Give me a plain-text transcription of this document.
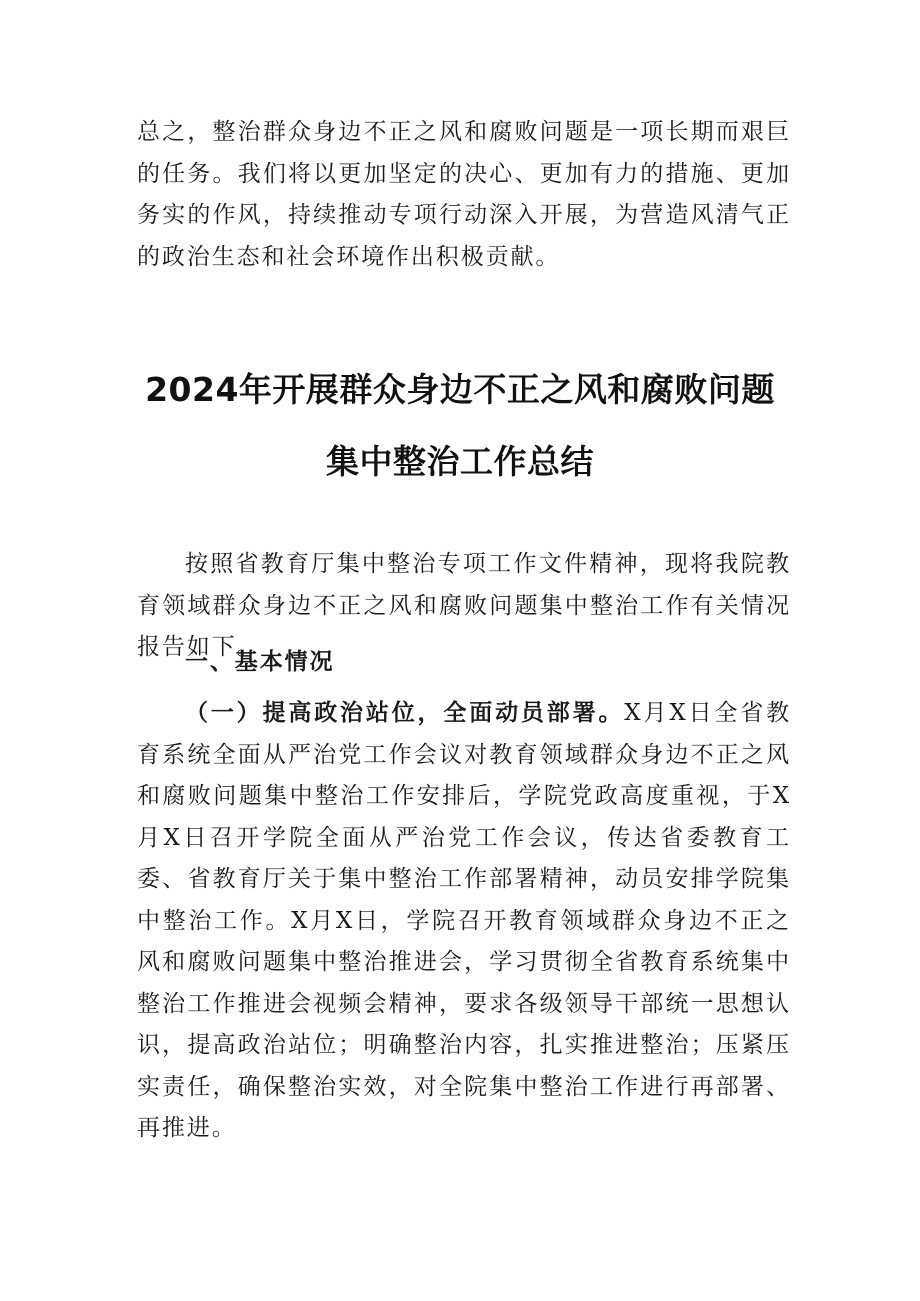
总之，整治群众身边不正之风和腐败问题是一项长期而艰巨的任务。我们将以更加坚定的决心、更加有力的措施、更加务实的作风，持续推动专项行动深入开展，为营造风清气正的政治生态和社会环境作出积极贡献。

2024年开展群众身边不正之风和腐败问题
集中整治工作总结

按照省教育厅集中整治专项工作文件精神，现将我院教育领域群众身边不正之风和腐败问题集中整治工作有关情况报告如下。

一、基本情况

（一）提高政治站位，全面动员部署。X月X日全省教育系统全面从严治党工作会议对教育领域群众身边不正之风和腐败问题集中整治工作安排后，学院党政高度重视，于X月X日召开学院全面从严治党工作会议，传达省委教育工委、省教育厅关于集中整治工作部署精神，动员安排学院集中整治工作。X月X日，学院召开教育领域群众身边不正之风和腐败问题集中整治推进会，学习贯彻全省教育系统集中整治工作推进会视频会精神，要求各级领导干部统一思想认识，提高政治站位；明确整治内容，扎实推进整治；压紧压实责任，确保整治实效，对全院集中整治工作进行再部署、再推进。
